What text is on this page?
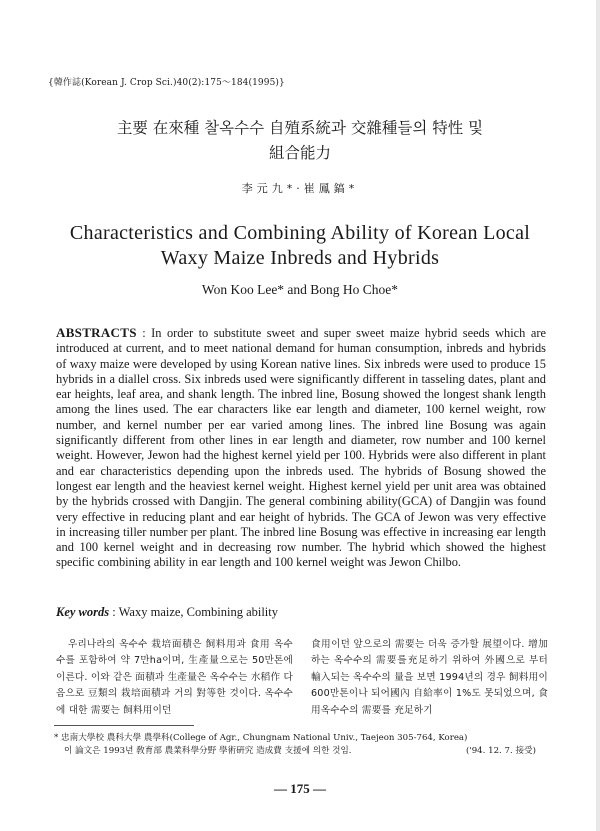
{韓作誌(Korean J. Crop Sci.)40(2):175～184(1995)}
主要 在來種 찰옥수수 自殖系統과 交雜種들의 特性 및
組合能力
李元九*·崔鳳鎬*
Characteristics and Combining Ability of Korean Local
Waxy Maize Inbreds and Hybrids
Won Koo Lee* and Bong Ho Choe*
ABSTRACTS : In order to substitute sweet and super sweet maize hybrid seeds which are introduced at current, and to meet national demand for human consumption, inbreds and hybrids of waxy maize were developed by using Korean native lines. Six inbreds were used to produce 15 hybrids in a diallel cross. Six inbreds used were significantly different in tasseling dates, plant and ear heights, leaf area, and shank length. The inbred line, Bosung showed the longest shank length among the lines used. The ear characters like ear length and diameter, 100 kernel weight, row number, and kernel number per ear varied among lines. The inbred line Bosung was again significantly different from other lines in ear length and diameter, row number and 100 kernel weight. However, Jewon had the highest kernel yield per 100. Hybrids were also different in plant and ear characteristics depending upon the inbreds used. The hybrids of Bosung showed the longest ear length and the heaviest kernel weight. Highest kernel yield per unit area was obtained by the hybrids crossed with Dangjin. The general combining ability(GCA) of Dangjin was found very effective in reducing plant and ear height of hybrids. The GCA of Jewon was very effective in increasing tiller number per plant. The inbred line Bosung was effective in increasing ear length and 100 kernel weight and in decreasing row number. The hybrid which showed the highest specific combining ability in ear length and 100 kernel weight was Jewon Chilbo.
Key words : Waxy maize, Combining ability
우리나라의 옥수수 栽培面積은 飼料用과 食用 옥수수를 포함하여 약 7만ha이며, 生產量으로는 50만톤에 이른다. 이와 같은 面積과 生產量은 옥수수는 水稻作 다음으로 豆類의 栽培面積과 거의 對等한 것이다. 옥수수에 대한 需要는 飼料用이던
食用이던 앞으로의 需要는 더욱 증가할 展望이다. 增加하는 옥수수의 需要를充足하기 위하여 外國으로 부터 輸入되는 옥수수의 量을 보면 1994년의 경우 飼料用이 600만톤이나 되어國內 自給率이 1%도 못되었으며, 食用옥수수의 需要를 充足하기
* 忠南大學校 農科大學 農學科(College of Agr., Chungnam National Univ., Taejeon 305-764, Korea)
이 論文은 1993년 敎育部 農業科學分野 學術硏究 造成費 支援에 의한 것임.	('94. 12. 7. 接受)
— 175 —
